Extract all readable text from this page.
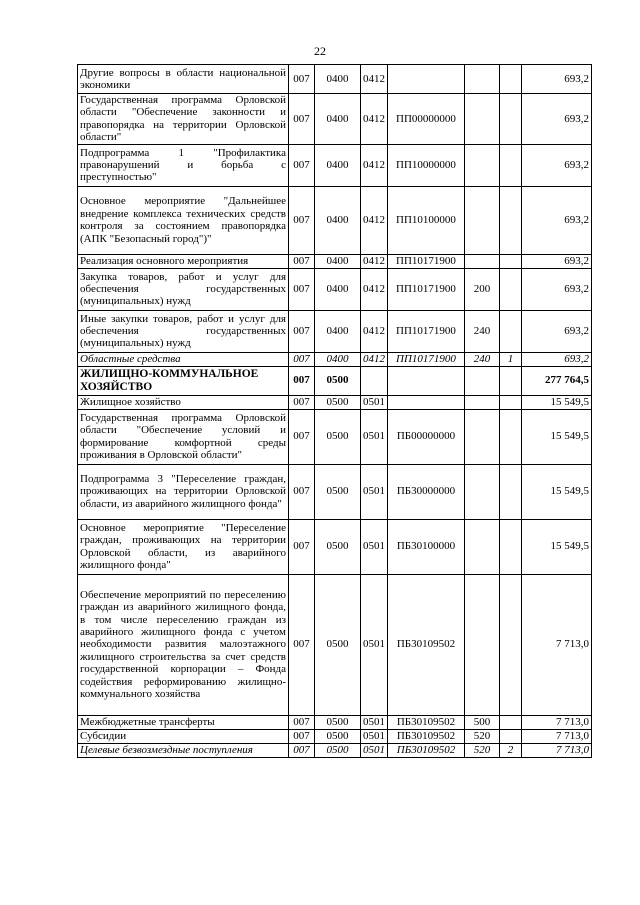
22
Другие вопросы в области национальной экономики	007	0400	0412				693,2
Государственная программа Орловской области "Обеспечение законности и правопорядка на территории Орловской области"	007	0400	0412	ПП00000000			693,2
Подпрограмма 1 "Профилактика правонарушений и борьба с преступностью"	007	0400	0412	ПП10000000			693,2
Основное мероприятие "Дальнейшее внедрение комплекса технических средств контроля за состоянием правопорядка (АПК "Безопасный город")"	007	0400	0412	ПП10100000			693,2
Реализация основного мероприятия	007	0400	0412	ПП10171900			693,2
Закупка товаров, работ и услуг для обеспечения государственных (муниципальных) нужд	007	0400	0412	ПП10171900	200		693,2
Иные закупки товаров, работ и услуг для обеспечения государственных (муниципальных) нужд	007	0400	0412	ПП10171900	240		693,2
Областные средства	007	0400	0412	ПП10171900	240	1	693,2
ЖИЛИЩНО-КОММУНАЛЬНОЕ ХОЗЯЙСТВО	007	0500					277 764,5
Жилищное хозяйство	007	0500	0501				15 549,5
Государственная программа Орловской области "Обеспечение условий и формирование комфортной среды проживания в Орловской области"	007	0500	0501	ПБ00000000			15 549,5
Подпрограмма 3 "Переселение граждан, проживающих на территории Орловской области, из аварийного жилищного фонда"	007	0500	0501	ПБ30000000			15 549,5
Основное мероприятие "Переселение граждан, проживающих на территории Орловской области, из аварийного жилищного фонда"	007	0500	0501	ПБ30100000			15 549,5
Обеспечение мероприятий по переселению граждан из аварийного жилищного фонда, в том числе переселению граждан из аварийного жилищного фонда с учетом необходимости развития малоэтажного жилищного строительства за счет средств государственной корпорации – Фонда содействия реформированию жилищно-коммунального хозяйства	007	0500	0501	ПБ30109502			7 713,0
Межбюджетные трансферты	007	0500	0501	ПБ30109502	500		7 713,0
Субсидии	007	0500	0501	ПБ30109502	520		7 713,0
Целевые безвозмездные поступления	007	0500	0501	ПБ30109502	520	2	7 713,0
